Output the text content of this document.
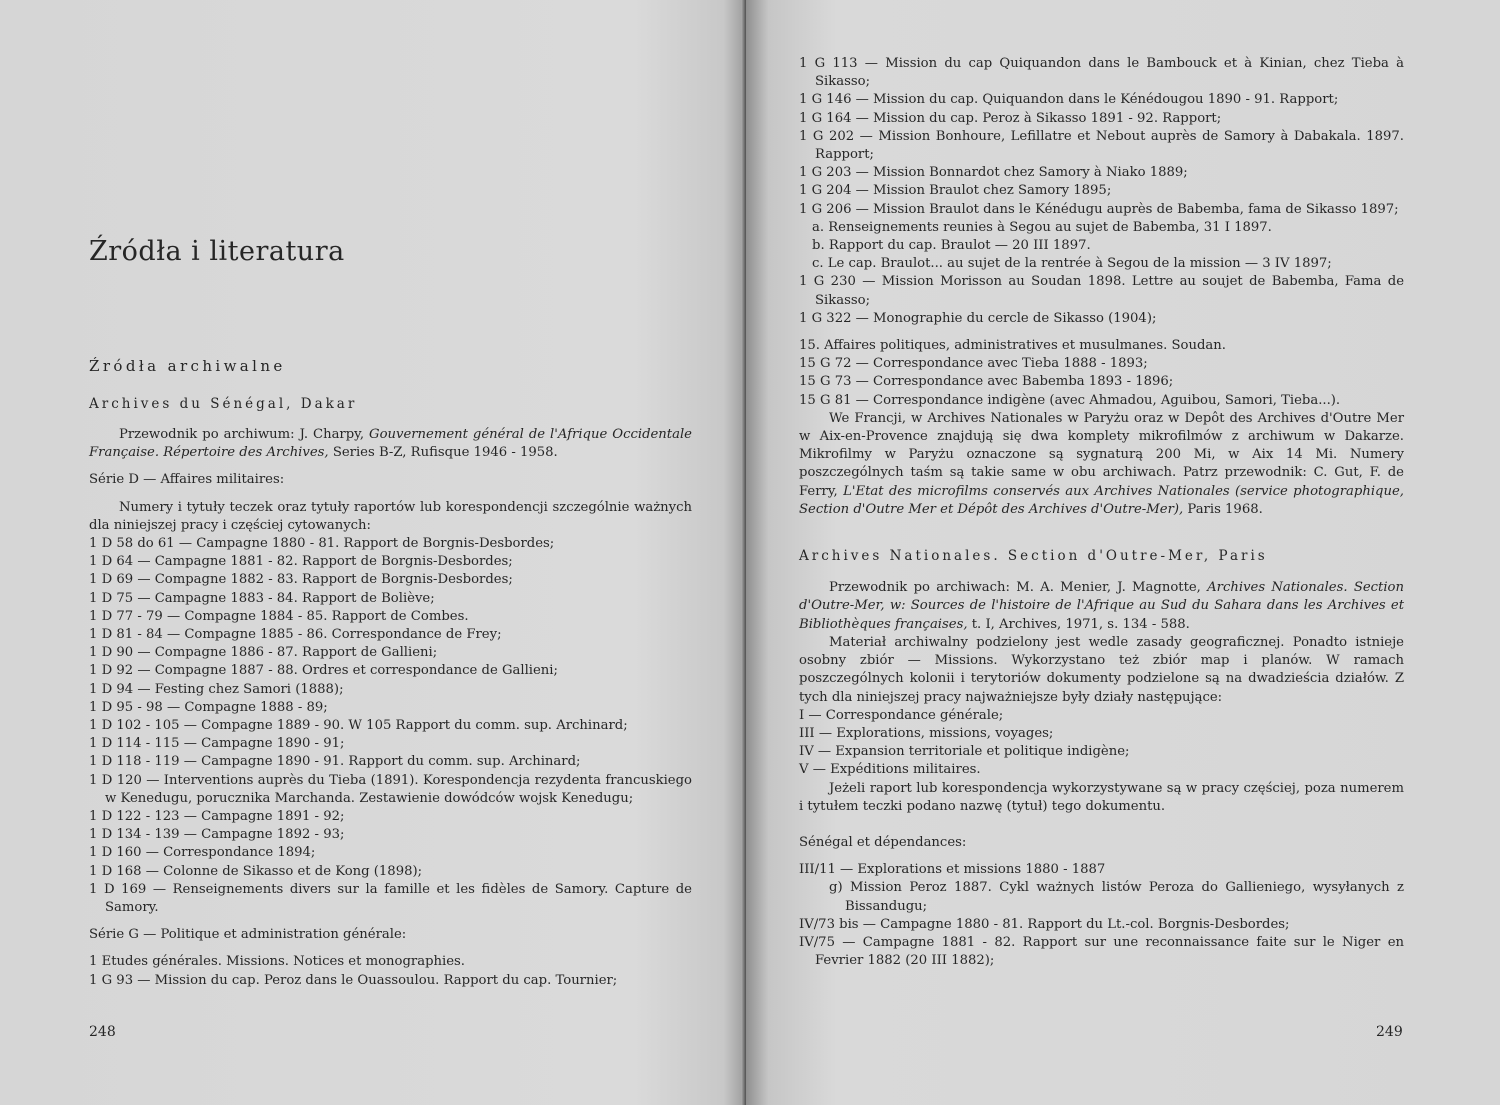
Źródła i literatura
Źródła archiwalne
Archives du Sénégal, Dakar

Przewodnik po archiwum: J. Charpy, Gouvernement général de l'Afrique Occidentale Française. Répertoire des Archives, Series B-Z, Rufisque 1946 - 1958.

Série D — Affaires militaires:

Numery i tytuły teczek oraz tytuły raportów lub korespondencji szczególnie ważnych dla niniejszej pracy i częściej cytowanych:

1 D 58 do 61 — Campagne 1880 - 81. Rapport de Borgnis-Desbordes;

1 D 64 — Campagne 1881 - 82. Rapport de Borgnis-Desbordes;

1 D 69 — Compagne 1882 - 83. Rapport de Borgnis-Desbordes;

1 D 75 — Campagne 1883 - 84. Rapport de Boliève;

1 D 77 - 79 — Compagne 1884 - 85. Rapport de Combes.

1 D 81 - 84 — Compagne 1885 - 86. Correspondance de Frey;

1 D 90 — Compagne 1886 - 87. Rapport de Gallieni;

1 D 92 — Compagne 1887 - 88. Ordres et correspondance de Gallieni;

1 D 94 — Festing chez Samori (1888);

1 D 95 - 98 — Compagne 1888 - 89;

1 D 102 - 105 — Compagne 1889 - 90. W 105 Rapport du comm. sup. Archinard;

1 D 114 - 115 — Campagne 1890 - 91;

1 D 118 - 119 — Campagne 1890 - 91. Rapport du comm. sup. Archinard;

1 D 120 — Interventions auprès du Tieba (1891). Korespondencja rezydenta francuskiego w Kenedugu, porucznika Marchanda. Zestawienie dowódców wojsk Kenedugu;

1 D 122 - 123 — Campagne 1891 - 92;

1 D 134 - 139 — Campagne 1892 - 93;

1 D 160 — Correspondance 1894;

1 D 168 — Colonne de Sikasso et de Kong (1898);

1 D 169 — Renseignements divers sur la famille et les fidèles de Samory. Capture de Samory.

Série G — Politique et administration générale:

1 Etudes générales. Missions. Notices et monographies.

1 G 93 — Mission du cap. Peroz dans le Ouassoulou. Rapport du cap. Tournier;

248

1 G 113 — Mission du cap Quiquandon dans le Bambouck et à Kinian, chez Tieba à Sikasso;

1 G 146 — Mission du cap. Quiquandon dans le Kénédougou 1890 - 91. Rapport;

1 G 164 — Mission du cap. Peroz à Sikasso 1891 - 92. Rapport;

1 G 202 — Mission Bonhoure, Lefillatre et Nebout auprès de Samory à Dabakala. 1897. Rapport;

1 G 203 — Mission Bonnardot chez Samory à Niako 1889;

1 G 204 — Mission Braulot chez Samory 1895;

1 G 206 — Mission Braulot dans le Kénédugu auprès de Babemba, fama de Sikasso 1897;

a. Renseignements reunies à Segou au sujet de Babemba, 31 I 1897.

b. Rapport du cap. Braulot — 20 III 1897.

c. Le cap. Braulot... au sujet de la rentrée à Segou de la mission — 3 IV 1897;

1 G 230 — Mission Morisson au Soudan 1898. Lettre au soujet de Babemba, Fama de Sikasso;

1 G 322 — Monographie du cercle de Sikasso (1904);

15. Affaires politiques, administratives et musulmanes. Soudan.

15 G 72 — Correspondance avec Tieba 1888 - 1893;

15 G 73 — Correspondance avec Babemba 1893 - 1896;

15 G 81 — Correspondance indigène (avec Ahmadou, Aguibou, Samori, Tieba...).

We Francji, w Archives Nationales w Paryżu oraz w Depôt des Archives d'Outre Mer w Aix-en-Provence znajdują się dwa komplety mikrofilmów z archiwum w Dakarze. Mikrofilmy w Paryżu oznaczone są sygnaturą 200 Mi, w Aix 14 Mi. Numery poszczególnych taśm są takie same w obu archiwach. Patrz przewodnik: C. Gut, F. de Ferry, L'Etat des microfilms conservés aux Archives Nationales (service photographique, Section d'Outre Mer et Dépôt des Archives d'Outre-Mer), Paris 1968.

Archives Nationales. Section d'Outre-Mer, Paris

Przewodnik po archiwach: M. A. Menier, J. Magnotte, Archives Nationales. Section d'Outre-Mer, w: Sources de l'histoire de l'Afrique au Sud du Sahara dans les Archives et Bibliothèques françaises, t. I, Archives, 1971, s. 134 - 588.

Materiał archiwalny podzielony jest wedle zasady geograficznej. Ponadto istnieje osobny zbiór — Missions. Wykorzystano też zbiór map i planów. W ramach poszczególnych kolonii i terytoriów dokumenty podzielone są na dwadzieścia działów. Z tych dla niniejszej pracy najważniejsze były działy następujące:

I — Correspondance générale;

III — Explorations, missions, voyages;

IV — Expansion territoriale et politique indigène;

V — Expéditions militaires.

Jeżeli raport lub korespondencja wykorzystywane są w pracy częściej, poza numerem i tytułem teczki podano nazwę (tytuł) tego dokumentu.

Sénégal et dépendances:

III/11 — Explorations et missions 1880 - 1887

g) Mission Peroz 1887. Cykl ważnych listów Peroza do Gallieniego, wysyłanych z Bissandugu;

IV/73 bis — Campagne 1880 - 81. Rapport du Lt.-col. Borgnis-Desbordes;

IV/75 — Campagne 1881 - 82. Rapport sur une reconnaissance faite sur le Niger en Fevrier 1882 (20 III 1882);

249
